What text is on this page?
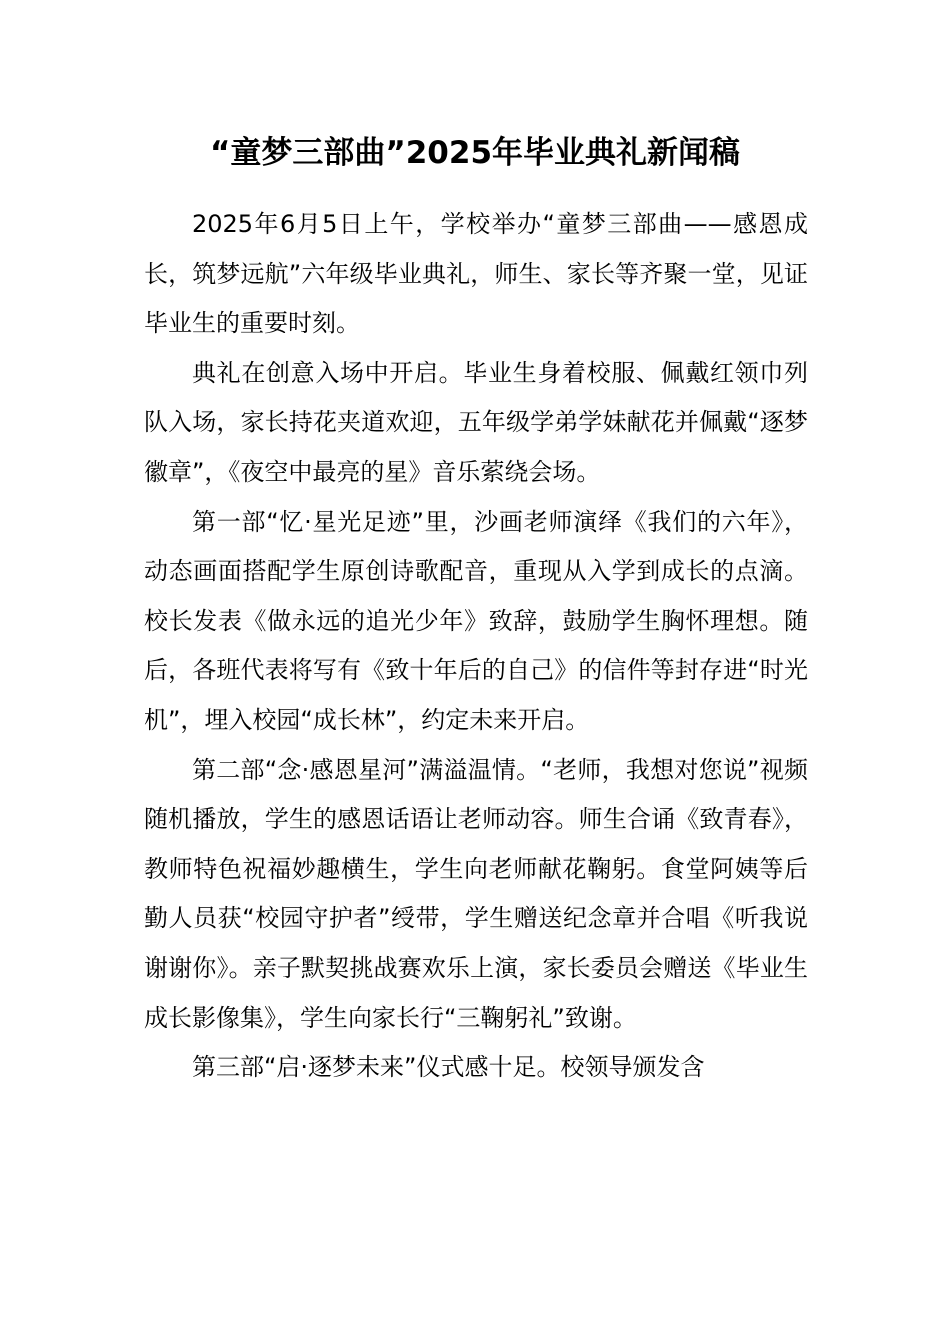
“童梦三部曲”2025年毕业典礼新闻稿

2025年6月5日上午，学校举办“童梦三部曲——感恩成长，筑梦远航”六年级毕业典礼，师生、家长等齐聚一堂，见证毕业生的重要时刻。

典礼在创意入场中开启。毕业生身着校服、佩戴红领巾列队入场，家长持花夹道欢迎，五年级学弟学妹献花并佩戴“逐梦徽章”，《夜空中最亮的星》音乐萦绕会场。

第一部“忆·星光足迹”里，沙画老师演绎《我们的六年》，动态画面搭配学生原创诗歌配音，重现从入学到成长的点滴。校长发表《做永远的追光少年》致辞，鼓励学生胸怀理想。随后，各班代表将写有《致十年后的自己》的信件等封存进“时光机”，埋入校园“成长林”，约定未来开启。

第二部“念·感恩星河”满溢温情。“老师，我想对您说”视频随机播放，学生的感恩话语让老师动容。师生合诵《致青春》，教师特色祝福妙趣横生，学生向老师献花鞠躬。食堂阿姨等后勤人员获“校园守护者”绶带，学生赠送纪念章并合唱《听我说谢谢你》。亲子默契挑战赛欢乐上演，家长委员会赠送《毕业生成长影像集》，学生向家长行“三鞠躬礼”致谢。

第三部“启·逐梦未来”仪式感十足。校领导颁发含
